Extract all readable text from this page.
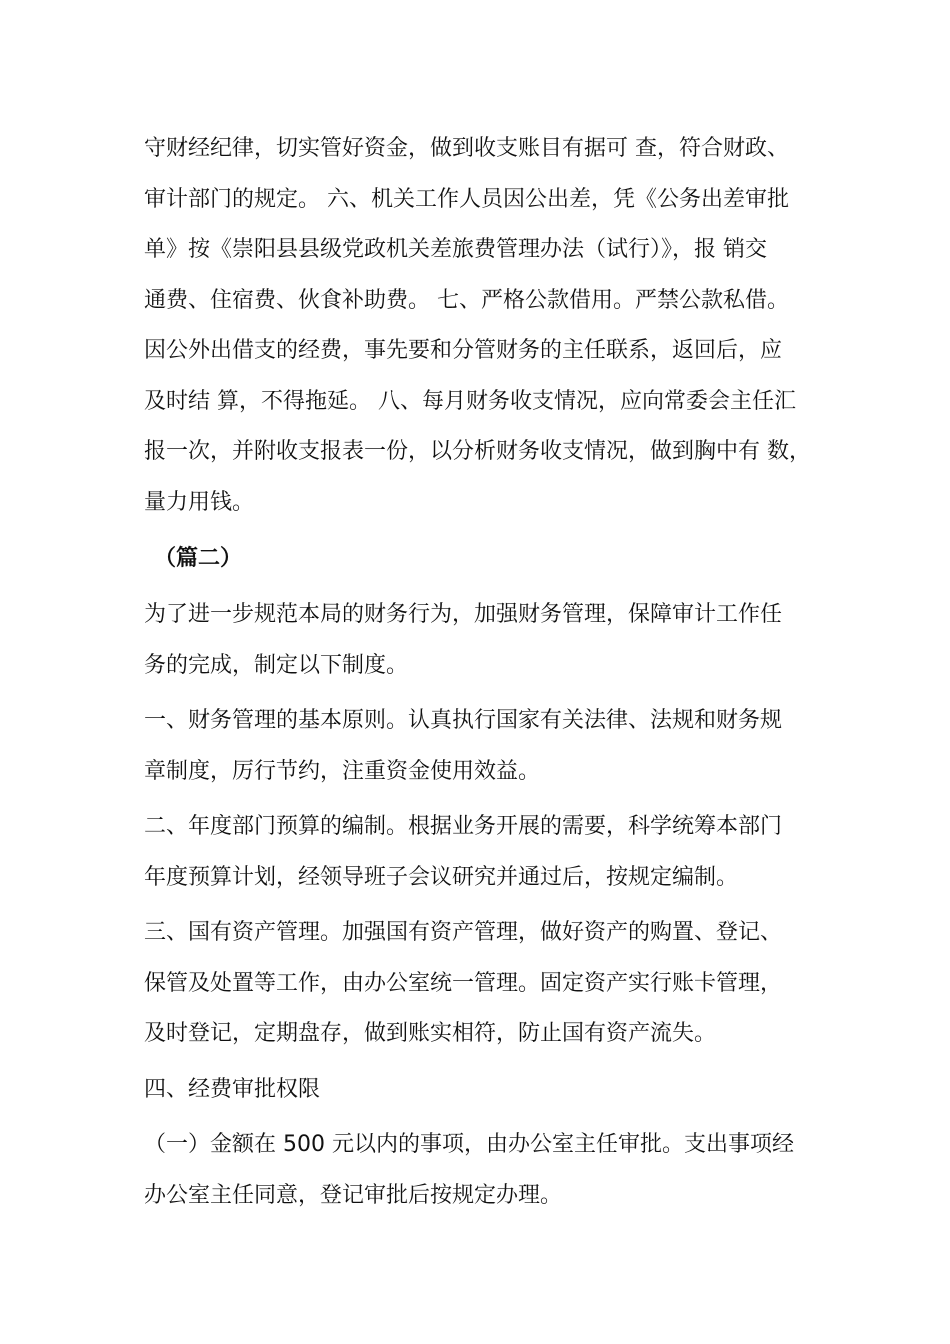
守财经纪律，切实管好资金，做到收支账目有据可 查，符合财政、

审计部门的规定。 六、机关工作人员因公出差，凭《公务出差审批

单》按《崇阳县县级党政机关差旅费管理办法（试行）》，报 销交

通费、住宿费、伙食补助费。 七、严格公款借用。严禁公款私借。

因公外出借支的经费，事先要和分管财务的主任联系，返回后，应

及时结 算，不得拖延。 八、每月财务收支情况，应向常委会主任汇

报一次，并附收支报表一份，以分析财务收支情况，做到胸中有 数，

量力用钱。

（篇二）

为了进一步规范本局的财务行为，加强财务管理，保障审计工作任

务的完成，制定以下制度。

一、财务管理的基本原则。认真执行国家有关法律、法规和财务规

章制度，厉行节约，注重资金使用效益。

二、年度部门预算的编制。根据业务开展的需要，科学统筹本部门

年度预算计划，经领导班子会议研究并通过后，按规定编制。

三、国有资产管理。加强国有资产管理，做好资产的购置、登记、

保管及处置等工作，由办公室统一管理。固定资产实行账卡管理，

及时登记，定期盘存，做到账实相符，防止国有资产流失。

四、经费审批权限

（一）金额在 500 元以内的事项，由办公室主任审批。支出事项经

办公室主任同意，登记审批后按规定办理。
